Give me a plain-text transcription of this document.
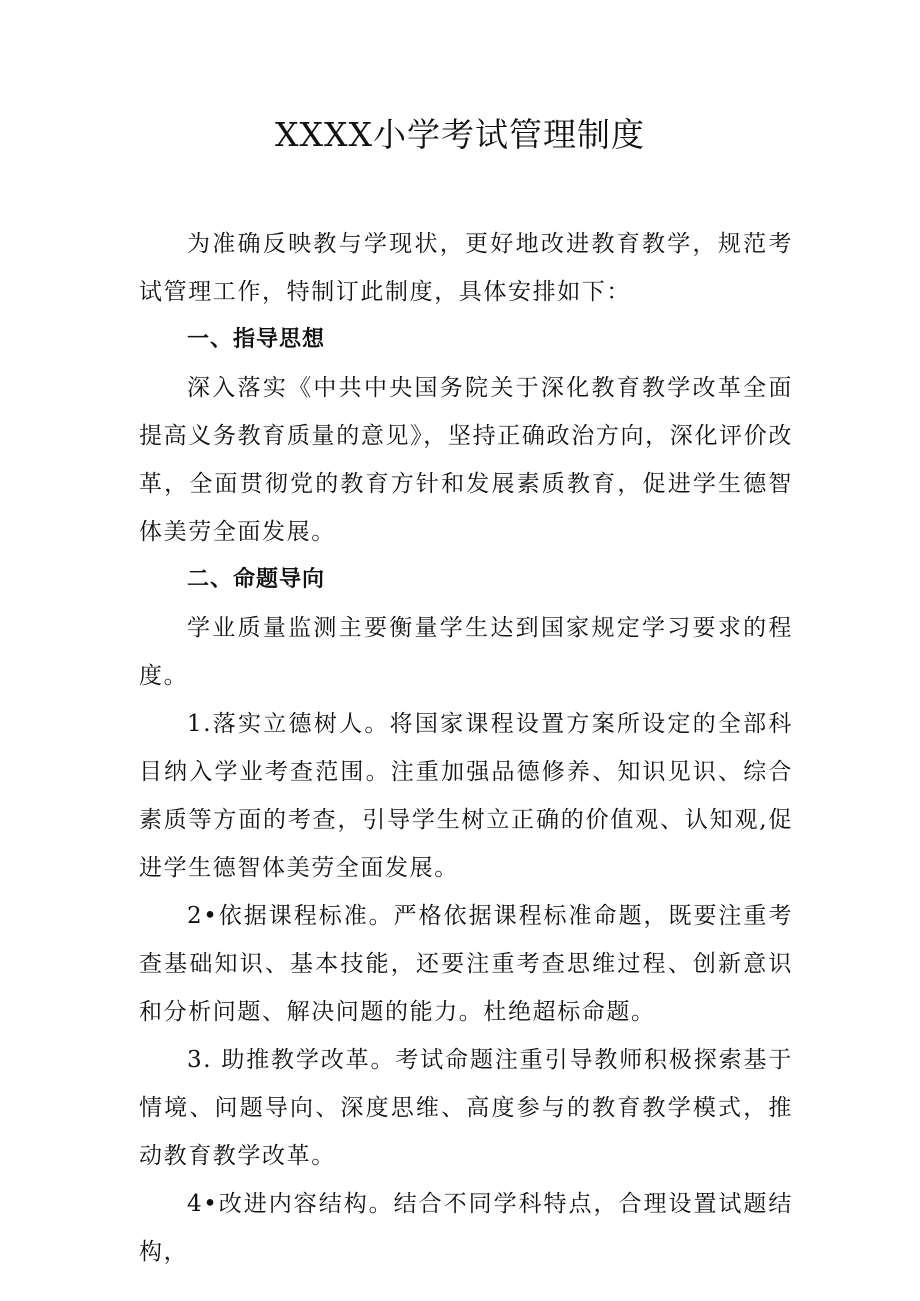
XXXX小学考试管理制度

为准确反映教与学现状，更好地改进教育教学，规范考试管理工作，特制订此制度，具体安排如下：

一、指导思想

深入落实《中共中央国务院关于深化教育教学改革全面提高义务教育质量的意见》，坚持正确政治方向，深化评价改革，全面贯彻党的教育方针和发展素质教育，促进学生德智体美劳全面发展。

二、命题导向

学业质量监测主要衡量学生达到国家规定学习要求的程度。

1.落实立德树人。将国家课程设置方案所设定的全部科目纳入学业考查范围。注重加强品德修养、知识见识、综合素质等方面的考查，引导学生树立正确的价值观、认知观,促进学生德智体美劳全面发展。

2•依据课程标准。严格依据课程标准命题，既要注重考查基础知识、基本技能，还要注重考查思维过程、创新意识和分析问题、解决问题的能力。杜绝超标命题。

3. 助推教学改革。考试命题注重引导教师积极探索基于情境、问题导向、深度思维、高度参与的教育教学模式，推动教育教学改革。

4•改进内容结构。结合不同学科特点，合理设置试题结构，
